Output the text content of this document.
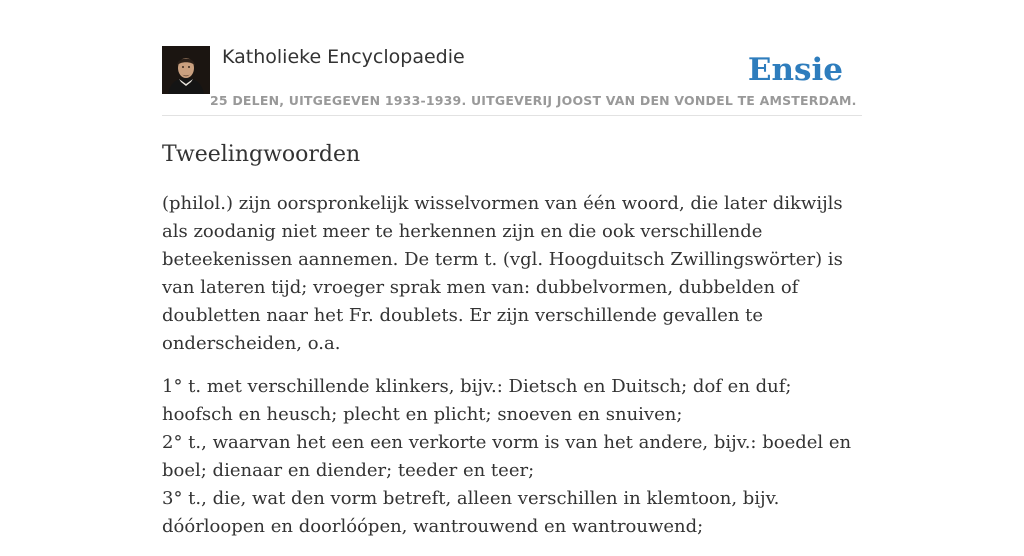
Katholieke Encyclopaedie
25 DELEN, UITGEGEVEN 1933-1939. UITGEVERIJ JOOST VAN DEN VONDEL TE AMSTERDAM.
Ensie
Tweelingwoorden

(philol.) zijn oorspronkelijk wisselvormen van één woord, die later dikwijls als zoodanig niet meer te herkennen zijn en die ook verschillende beteekenissen aannemen. De term t. (vgl. Hoogduitsch Zwillingswörter) is van lateren tijd; vroeger sprak men van: dubbelvormen, dubbelden of doubletten naar het Fr. doublets. Er zijn verschillende gevallen te onderscheiden, o.a.

1° t. met verschillende klinkers, bijv.: Dietsch en Duitsch; dof en duf; hoofsch en heusch; plecht en plicht; snoeven en snuiven;
2° t., waarvan het een een verkorte vorm is van het andere, bijv.: boedel en boel; dienaar en diender; teeder en teer;
3° t., die, wat den vorm betreft, alleen verschillen in klemtoon, bijv. dóórloopen en doorlóópen, wantrouwend en wantrouwend;
